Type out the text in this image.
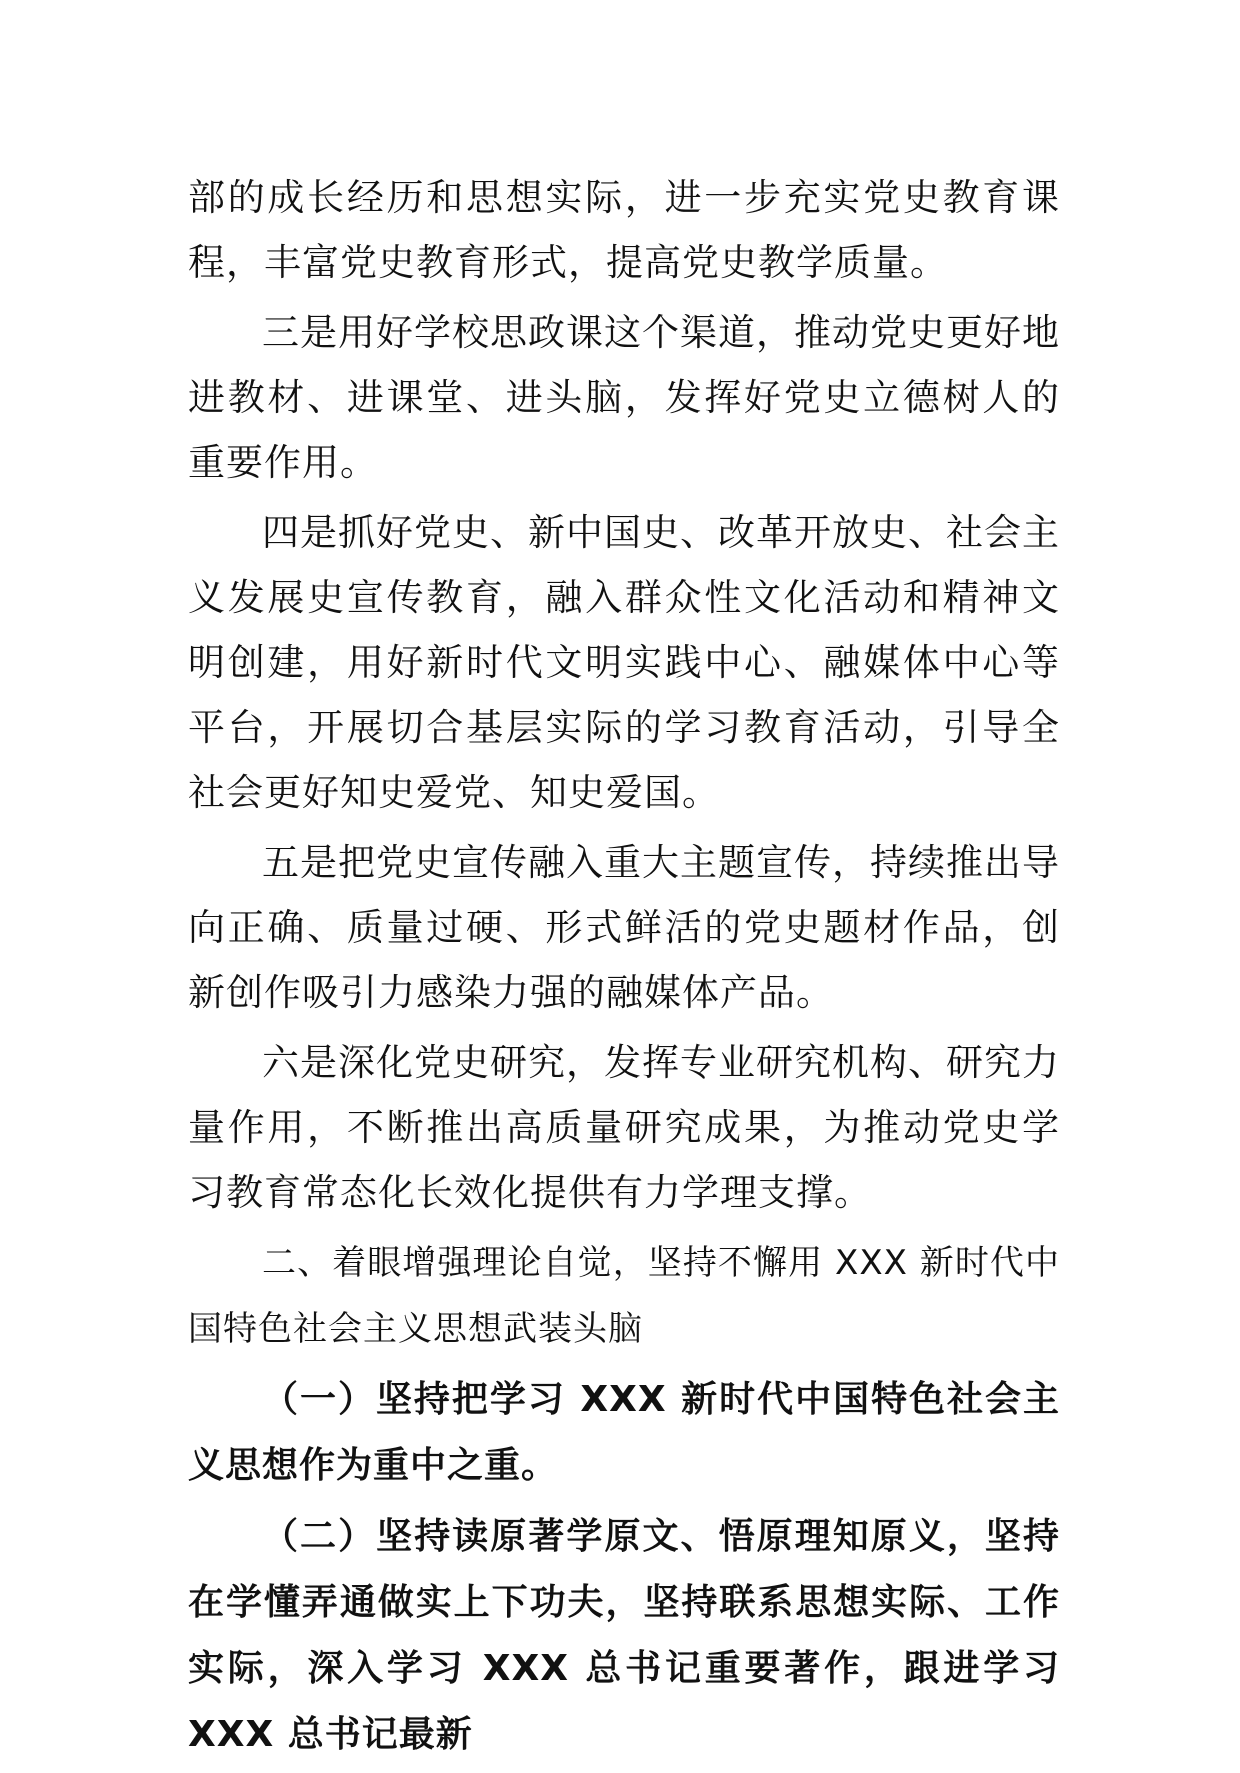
部的成长经历和思想实际，进一步充实党史教育课程，丰富党史教育形式，提高党史教学质量。

三是用好学校思政课这个渠道，推动党史更好地进教材、进课堂、进头脑，发挥好党史立德树人的重要作用。

四是抓好党史、新中国史、改革开放史、社会主义发展史宣传教育，融入群众性文化活动和精神文明创建，用好新时代文明实践中心、融媒体中心等平台，开展切合基层实际的学习教育活动，引导全社会更好知史爱党、知史爱国。

五是把党史宣传融入重大主题宣传，持续推出导向正确、质量过硬、形式鲜活的党史题材作品，创新创作吸引力感染力强的融媒体产品。

六是深化党史研究，发挥专业研究机构、研究力量作用，不断推出高质量研究成果，为推动党史学习教育常态化长效化提供有力学理支撑。

二、着眼增强理论自觉，坚持不懈用 XXX 新时代中国特色社会主义思想武装头脑

（一）坚持把学习 XXX 新时代中国特色社会主义思想作为重中之重。

（二）坚持读原著学原文、悟原理知原义，坚持在学懂弄通做实上下功夫，坚持联系思想实际、工作实际，深入学习 XXX 总书记重要著作，跟进学习 XXX 总书记最新
